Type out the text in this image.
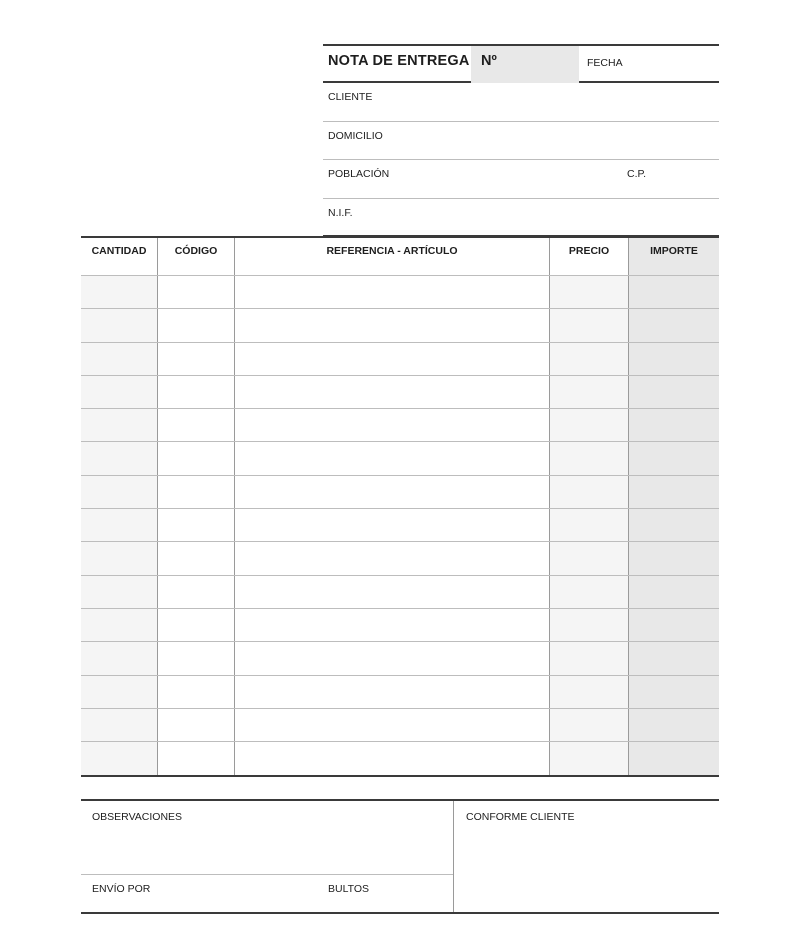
NOTA DE ENTREGA Nº	FECHA
CLIENTE
DOMICILIO
POBLACIÓN	C.P.
N.I.F.
CANTIDAD	CÓDIGO	REFERENCIA - ARTÍCULO	PRECIO	IMPORTE
OBSERVACIONES
ENVÍO POR	BULTOS
CONFORME CLIENTE
